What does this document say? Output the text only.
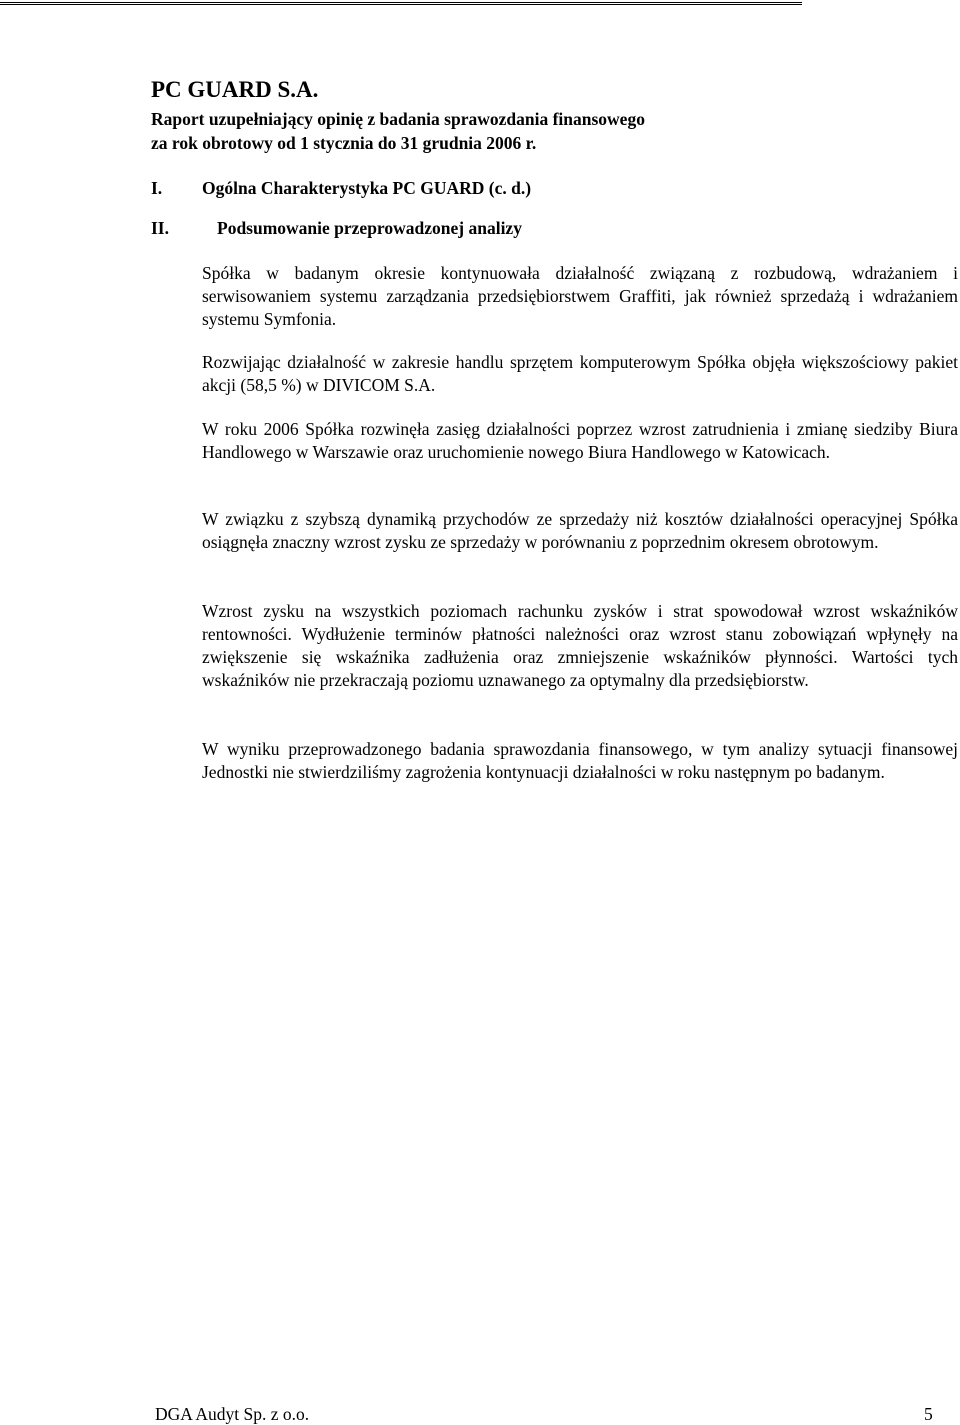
PC GUARD S.A.
Raport uzupełniający opinię z badania sprawozdania finansowego
za rok obrotowy od 1 stycznia do 31 grudnia 2006 r.
I. Ogólna Charakterystyka PC GUARD (c. d.)
II.	Podsumowanie przeprowadzonej analizy

Spółka w badanym okresie kontynuowała działalność związaną z rozbudową, wdrażaniem i serwisowaniem systemu zarządzania przedsiębiorstwem Graffiti, jak również sprzedażą i wdrażaniem systemu Symfonia.

Rozwijając działalność w zakresie handlu sprzętem komputerowym Spółka objęła większościowy pakiet akcji (58,5 %) w DIVICOM S.A.

W roku 2006 Spółka rozwinęła zasięg działalności poprzez wzrost zatrudnienia i zmianę siedziby Biura Handlowego w Warszawie oraz uruchomienie nowego Biura Handlowego w Katowicach.

W związku z szybszą dynamiką przychodów ze sprzedaży niż kosztów działalności operacyjnej Spółka osiągnęła znaczny wzrost zysku ze sprzedaży w porównaniu z poprzednim okresem obrotowym.

Wzrost zysku na wszystkich poziomach rachunku zysków i strat spowodował wzrost wskaźników rentowności. Wydłużenie terminów płatności należności oraz wzrost stanu zobowiązań wpłynęły na zwiększenie się wskaźnika zadłużenia oraz zmniejszenie wskaźników płynności. Wartości tych wskaźników nie przekraczają poziomu uznawanego za optymalny dla przedsiębiorstw.

W wyniku przeprowadzonego badania sprawozdania finansowego, w tym analizy sytuacji finansowej Jednostki nie stwierdziliśmy zagrożenia kontynuacji działalności w roku następnym po badanym.

DGA Audyt Sp. z o.o.	5
